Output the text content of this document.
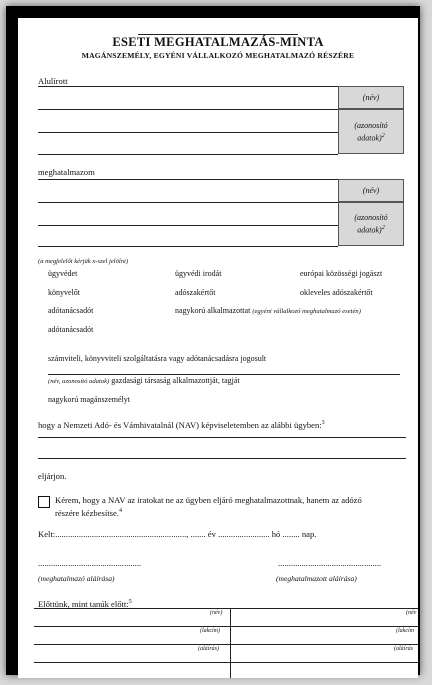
ESETI MEGHATALMAZÁS-MINTA
MAGÁNSZEMÉLY, EGYÉNI VÁLLALKOZÓ MEGHATALMAZÓ RÉSZÉRE
Alulírott
(név)
(azonosító
adatok)$^2$
meghatalmazom
(név)
(azonosító
adatok)$^2$
(a megfelelőt kérjük x-szel jelölni)
ügyvédet	ügyvédi irodát	európai közösségi jogászt
könyvelőt	adószakértőt	okleveles adószakértőt
adótanácsadót	nagykorú alkalmazottat (egyéni vállalkozó meghatalmazó esetén)
adótanácsadót
számviteli, könyvviteli szolgáltatásra vagy adótanácsadásra jogosult
(név, azonosító adatok) gazdasági társaság alkalmazottját, tagját
nagykorú magánszemélyt
hogy a Nemzeti Adó- és Vámhivatalnál (NAV) képviseletemben az alábbi ügyben:$^3$
eljárjon.
Kérem, hogy a NAV az iratokat ne az ügyben eljáró meghatalmazottnak, hanem az adózó
részére kézbesítse.$^4$
Kelt:............................................................., ....... év ........................ hó ........ nap.
................................................	................................................
(meghatalmazó aláírása)	(meghatalmazott aláírása)
Előttünk, mint tanúk előtt:$^5$
(név)	(név
(lakcím)	(lakcím
(aláírás)	(aláírás
